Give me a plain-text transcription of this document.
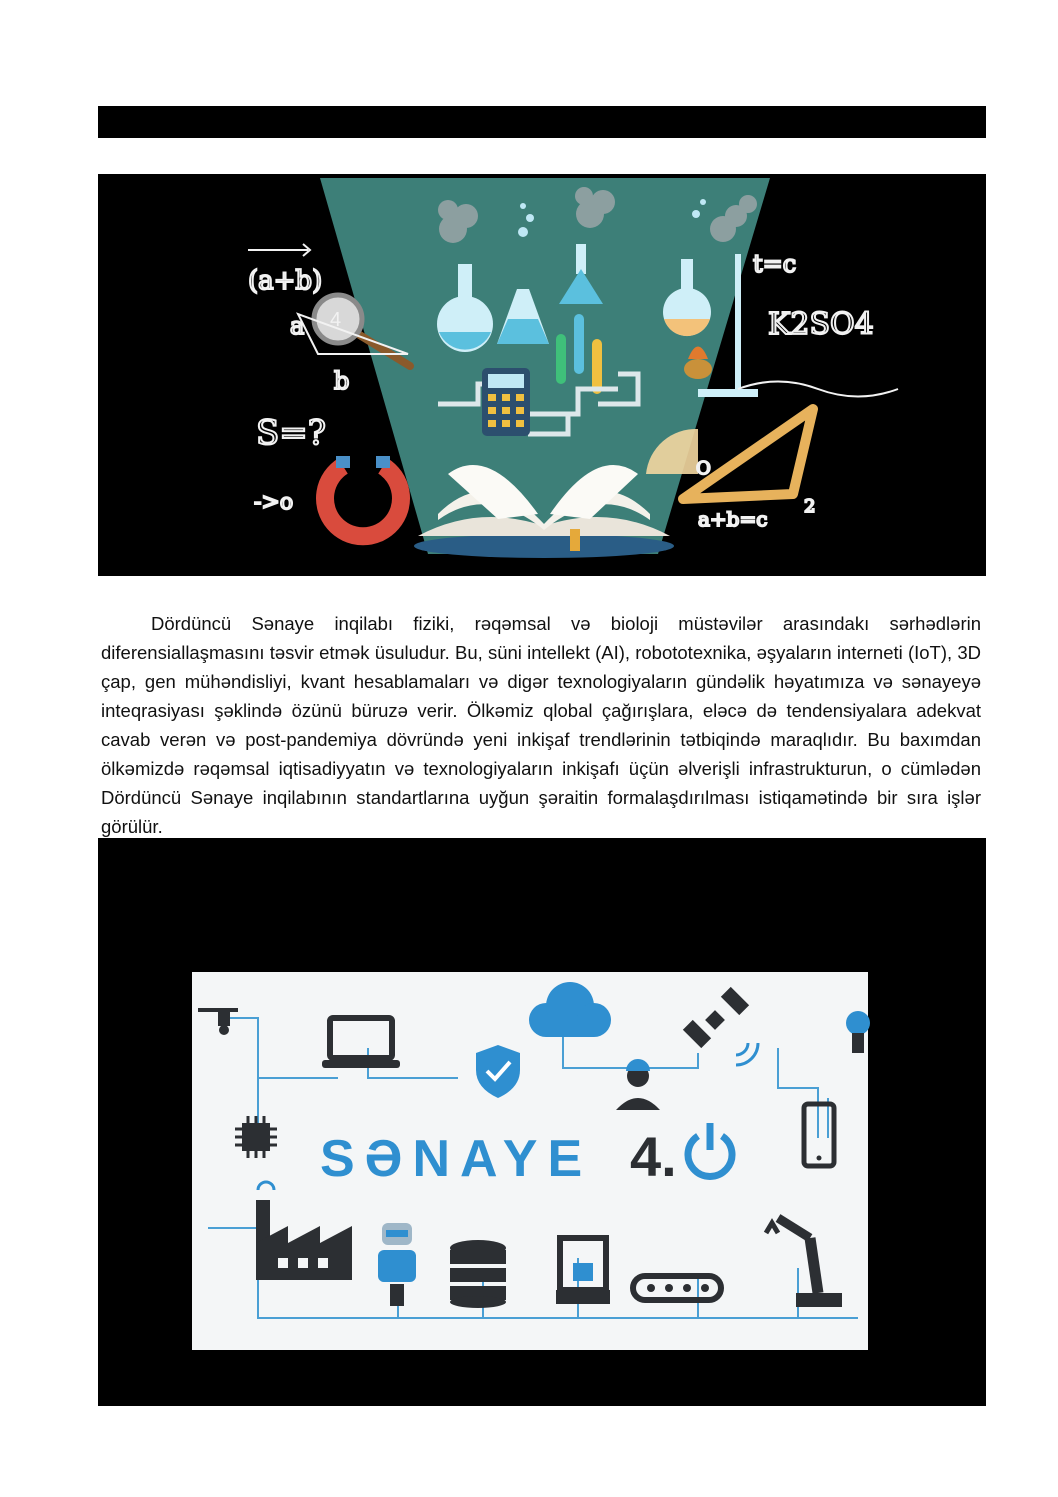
(a+b)
a
b
S=?
->o
4
t=c
K2SO4
a+b=c
O
2

Dördüncü Sənaye inqilabı fiziki, rəqəmsal və bioloji müstəvilər arasındakı sərhədlərin diferensiallaşmasını təsvir etmək üsuludur. Bu, süni intellekt (AI), robototexnika, əşyaların interneti (IoT), 3D çap, gen mühəndisliyi, kvant hesablamaları və digər texnologiyaların gündəlik həyatımıza və sənayeyə inteqrasiyası şəklində özünü büruzə verir. Ölkəmiz qlobal çağırışlara, eləcə də tendensiyalara adekvat cavab verən və post-pandemiya dövründə yeni inkişaf trendlərinin tətbiqində maraqlıdır. Bu baxımdan ölkəmizdə rəqəmsal iqtisadiyyatın və texnologiyaların inkişafı üçün əlverişli infrastrukturun, o cümlədən Dördüncü Sənaye inqilabının standartlarına uyğun şəraitin formalaşdırılması istiqamətində bir sıra işlər görülür.

SƏNAYE 4.
